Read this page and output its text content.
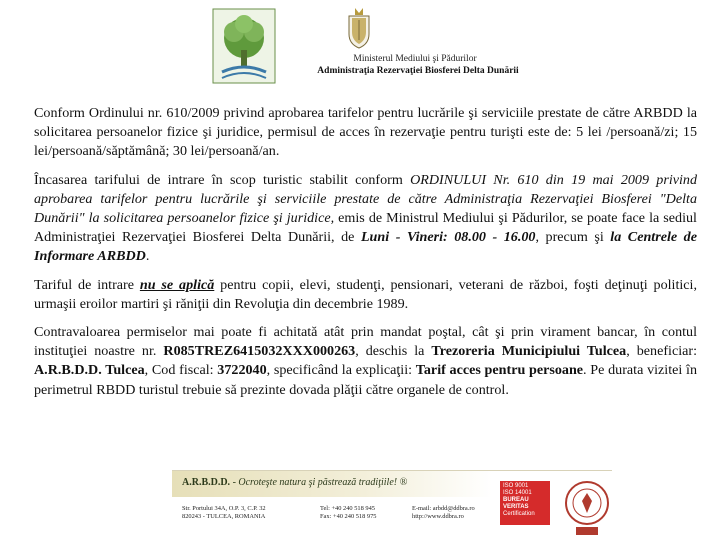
Ministerul Mediului şi Pădurilor
Administraţia Rezervaţiei Biosferei Delta Dunării

Conform Ordinului nr. 610/2009 privind aprobarea tarifelor pentru lucrările şi serviciile prestate de către ARBDD la solicitarea persoanelor fizice şi juridice, permisul de acces în rezervaţie pentru turişti este de: 5 lei /persoană/zi; 15 lei/persoană/săptămână; 30 lei/persoană/an.

Încasarea tarifului de intrare în scop turistic stabilit conform ORDINULUI Nr. 610 din 19 mai 2009 privind aprobarea tarifelor pentru lucrările şi serviciile prestate de către Administraţia Rezervaţiei Biosferei "Delta Dunării" la solicitarea persoanelor fizice şi juridice, emis de Ministrul Mediului şi Pădurilor, se poate face la sediul Administraţiei Rezervaţiei Biosferei Delta Dunării, de Luni - Vineri: 08.00 - 16.00, precum şi la Centrele de Informare ARBDD.

Tariful de intrare nu se aplică pentru copii, elevi, studenţi, pensionari, veterani de război, foşti deţinuţi politici, urmaşii eroilor martiri şi răniţii din Revoluţia din decembrie 1989.

Contravaloarea permiselor mai poate fi achitată atât prin mandat poştal, cât şi prin virament bancar, în contul instituţiei noastre nr. R085TREZ6415032XXX000263, deschis la Trezoreria Municipiului Tulcea, beneficiar: A.R.B.D.D. Tulcea, Cod fiscal: 3722040, specificând la explicaţii: Tarif acces pentru persoane. Pe durata vizitei în perimetrul RBDD turistul trebuie să prezinte dovada plăţii către organele de control.

A.R.B.D.D. - Ocroteşte natura şi păstrează tradiţiile! ®
Str. Portului 34A, O.P. 3, C.P. 32
820243 - TULCEA, ROMANIA
Tel: +40 240 518 945
Fax: +40 240 518 975
E-mail: arbdd@ddbra.ro
http://www.ddbra.ro
ISO 9001
ISO 14001
BUREAU VERITAS
Certification
